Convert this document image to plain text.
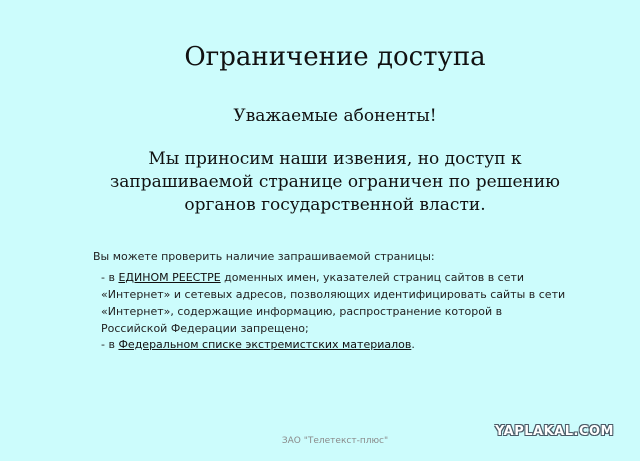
Ограничение доступа
Уважаемые абоненты!
Мы приносим наши извения, но доступ к
запрашиваемой странице ограничен по решению
органов государственной власти.
Вы можете проверить наличие запрашиваемой страницы:
- в ЕДИНОМ РЕЕСТРЕ доменных имен, указателей страниц сайтов в сети «Интернет» и сетевых адресов, позволяющих идентифицировать сайты в сети «Интернет», содержащие информацию, распространение которой в Российской Федерации запрещено;
- в Федеральном списке экстремистских материалов.
ЗАО "Телетекст-плюс"
YAPLAKAL.COM
